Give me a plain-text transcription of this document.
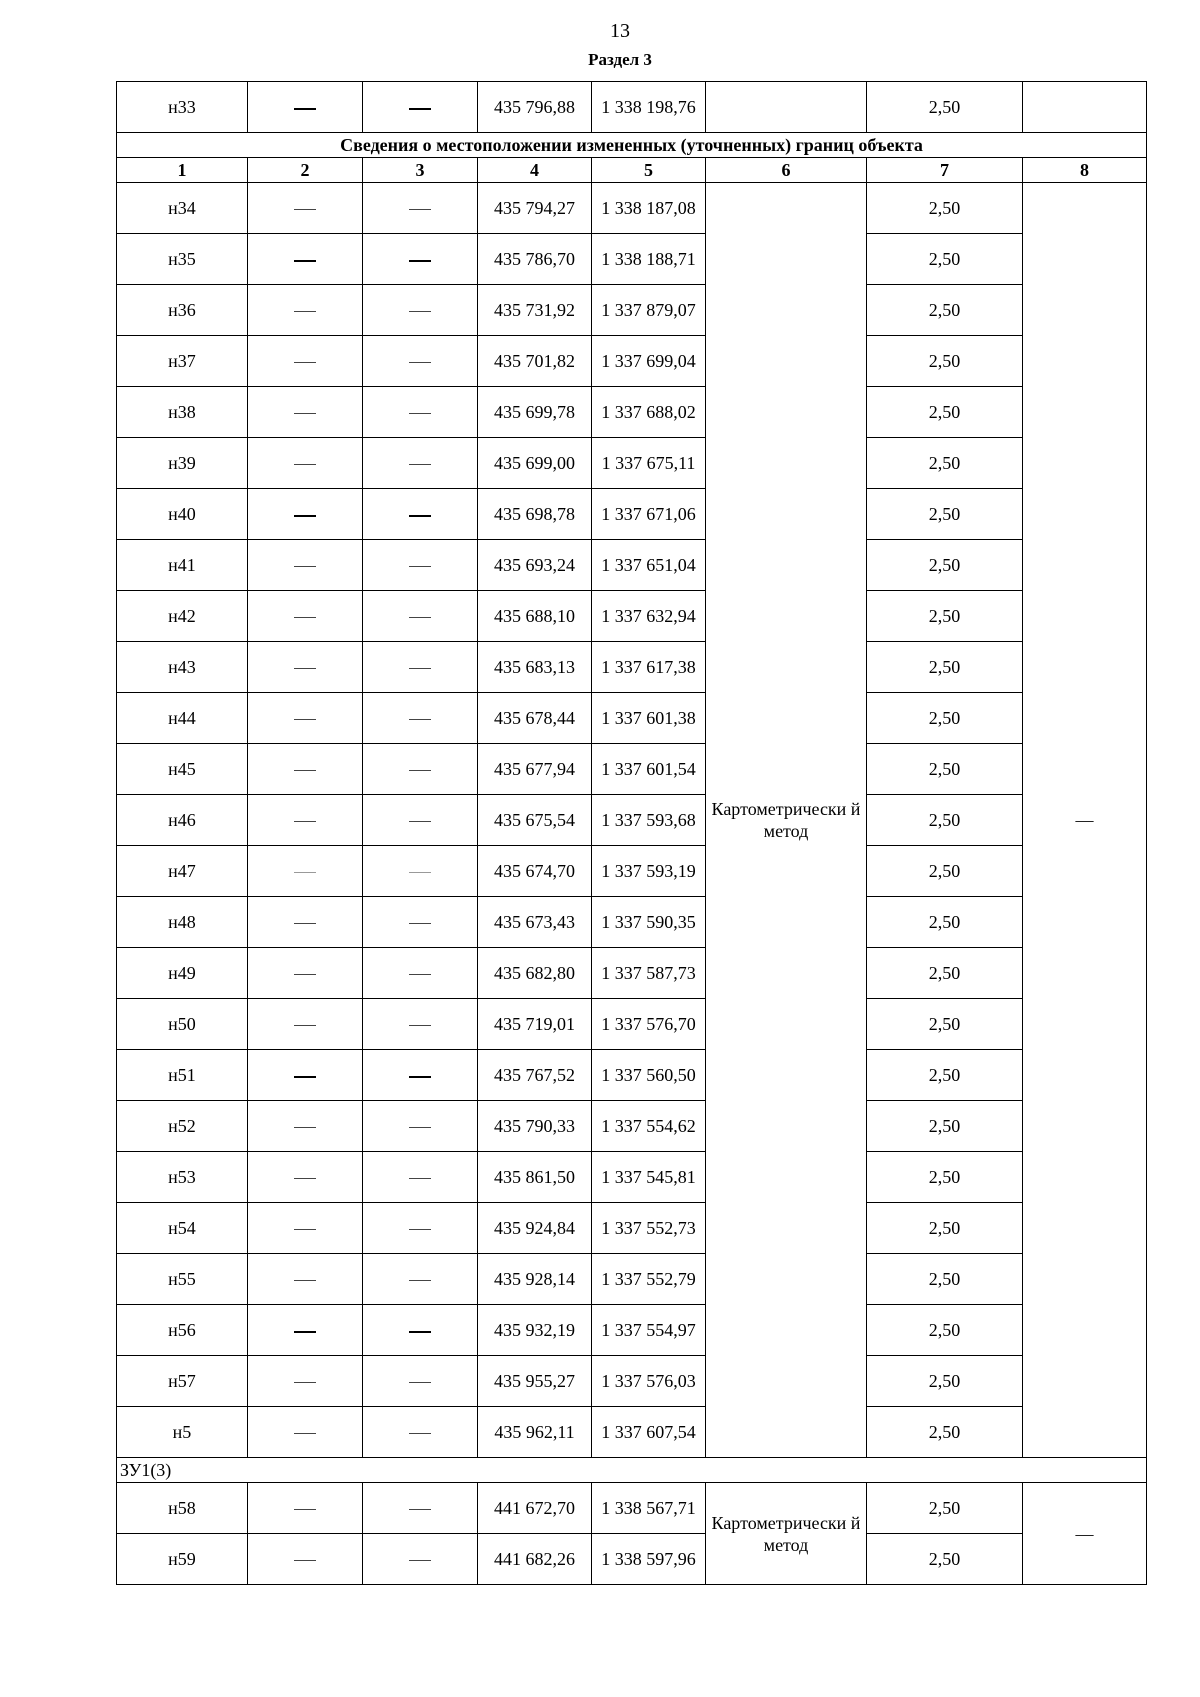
13
Раздел 3
н33			435 796,88	1 338 198,76		2,50	
Сведения о местоположении измененных (уточненных) границ объекта							
1	2	3	4	5	6	7	8
н34			435 794,27	1 338 187,08	Картометрически й метод	2,50	—
н35			435 786,70	1 338 188,71		2,50	
н36			435 731,92	1 337 879,07		2,50	
н37			435 701,82	1 337 699,04		2,50	
н38			435 699,78	1 337 688,02		2,50	
н39			435 699,00	1 337 675,11		2,50	
н40			435 698,78	1 337 671,06		2,50	
н41			435 693,24	1 337 651,04		2,50	
н42			435 688,10	1 337 632,94		2,50	
н43			435 683,13	1 337 617,38		2,50	
н44			435 678,44	1 337 601,38		2,50	
н45			435 677,94	1 337 601,54		2,50	
н46			435 675,54	1 337 593,68		2,50	
н47			435 674,70	1 337 593,19		2,50	
н48			435 673,43	1 337 590,35		2,50	
н49			435 682,80	1 337 587,73		2,50	
н50			435 719,01	1 337 576,70		2,50	
н51			435 767,52	1 337 560,50		2,50	
н52			435 790,33	1 337 554,62		2,50	
н53			435 861,50	1 337 545,81		2,50	
н54			435 924,84	1 337 552,73		2,50	
н55			435 928,14	1 337 552,79		2,50	
н56			435 932,19	1 337 554,97		2,50	
н57			435 955,27	1 337 576,03		2,50	
н5			435 962,11	1 337 607,54		2,50	
ЗУ1(3)							
н58			441 672,70	1 338 567,71	Картометрически й метод	2,50	—
н59			441 682,26	1 338 597,96		2,50	
